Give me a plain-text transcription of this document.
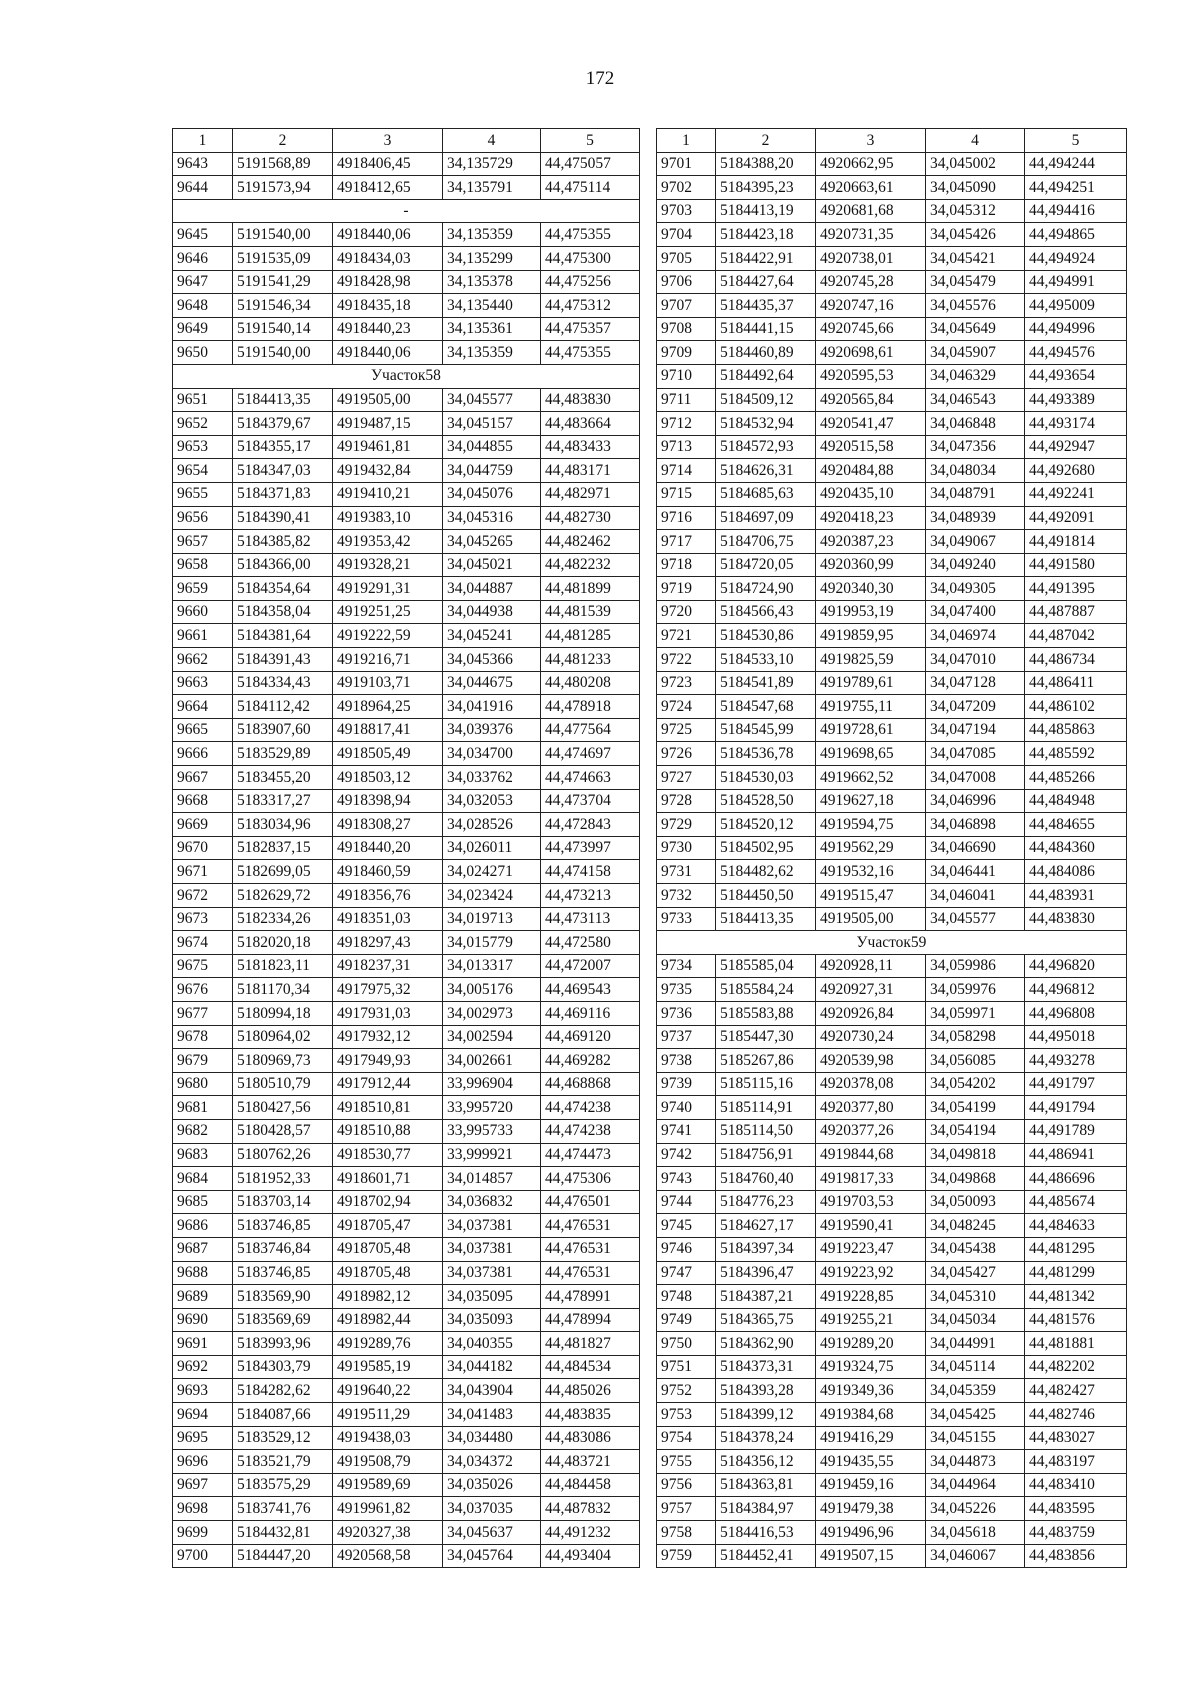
172
1	2	3	4	5
9643	5191568,89	4918406,45	34,135729	44,475057
9644	5191573,94	4918412,65	34,135791	44,475114
-				
9645	5191540,00	4918440,06	34,135359	44,475355
9646	5191535,09	4918434,03	34,135299	44,475300
9647	5191541,29	4918428,98	34,135378	44,475256
9648	5191546,34	4918435,18	34,135440	44,475312
9649	5191540,14	4918440,23	34,135361	44,475357
9650	5191540,00	4918440,06	34,135359	44,475355
Участок58				
9651	5184413,35	4919505,00	34,045577	44,483830
9652	5184379,67	4919487,15	34,045157	44,483664
9653	5184355,17	4919461,81	34,044855	44,483433
9654	5184347,03	4919432,84	34,044759	44,483171
9655	5184371,83	4919410,21	34,045076	44,482971
9656	5184390,41	4919383,10	34,045316	44,482730
9657	5184385,82	4919353,42	34,045265	44,482462
9658	5184366,00	4919328,21	34,045021	44,482232
9659	5184354,64	4919291,31	34,044887	44,481899
9660	5184358,04	4919251,25	34,044938	44,481539
9661	5184381,64	4919222,59	34,045241	44,481285
9662	5184391,43	4919216,71	34,045366	44,481233
9663	5184334,43	4919103,71	34,044675	44,480208
9664	5184112,42	4918964,25	34,041916	44,478918
9665	5183907,60	4918817,41	34,039376	44,477564
9666	5183529,89	4918505,49	34,034700	44,474697
9667	5183455,20	4918503,12	34,033762	44,474663
9668	5183317,27	4918398,94	34,032053	44,473704
9669	5183034,96	4918308,27	34,028526	44,472843
9670	5182837,15	4918440,20	34,026011	44,473997
9671	5182699,05	4918460,59	34,024271	44,474158
9672	5182629,72	4918356,76	34,023424	44,473213
9673	5182334,26	4918351,03	34,019713	44,473113
9674	5182020,18	4918297,43	34,015779	44,472580
9675	5181823,11	4918237,31	34,013317	44,472007
9676	5181170,34	4917975,32	34,005176	44,469543
9677	5180994,18	4917931,03	34,002973	44,469116
9678	5180964,02	4917932,12	34,002594	44,469120
9679	5180969,73	4917949,93	34,002661	44,469282
9680	5180510,79	4917912,44	33,996904	44,468868
9681	5180427,56	4918510,81	33,995720	44,474238
9682	5180428,57	4918510,88	33,995733	44,474238
9683	5180762,26	4918530,77	33,999921	44,474473
9684	5181952,33	4918601,71	34,014857	44,475306
9685	5183703,14	4918702,94	34,036832	44,476501
9686	5183746,85	4918705,47	34,037381	44,476531
9687	5183746,84	4918705,48	34,037381	44,476531
9688	5183746,85	4918705,48	34,037381	44,476531
9689	5183569,90	4918982,12	34,035095	44,478991
9690	5183569,69	4918982,44	34,035093	44,478994
9691	5183993,96	4919289,76	34,040355	44,481827
9692	5184303,79	4919585,19	34,044182	44,484534
9693	5184282,62	4919640,22	34,043904	44,485026
9694	5184087,66	4919511,29	34,041483	44,483835
9695	5183529,12	4919438,03	34,034480	44,483086
9696	5183521,79	4919508,79	34,034372	44,483721
9697	5183575,29	4919589,69	34,035026	44,484458
9698	5183741,76	4919961,82	34,037035	44,487832
9699	5184432,81	4920327,38	34,045637	44,491232
9700	5184447,20	4920568,58	34,045764	44,493404
1	2	3	4	5
9701	5184388,20	4920662,95	34,045002	44,494244
9702	5184395,23	4920663,61	34,045090	44,494251
9703	5184413,19	4920681,68	34,045312	44,494416
9704	5184423,18	4920731,35	34,045426	44,494865
9705	5184422,91	4920738,01	34,045421	44,494924
9706	5184427,64	4920745,28	34,045479	44,494991
9707	5184435,37	4920747,16	34,045576	44,495009
9708	5184441,15	4920745,66	34,045649	44,494996
9709	5184460,89	4920698,61	34,045907	44,494576
9710	5184492,64	4920595,53	34,046329	44,493654
9711	5184509,12	4920565,84	34,046543	44,493389
9712	5184532,94	4920541,47	34,046848	44,493174
9713	5184572,93	4920515,58	34,047356	44,492947
9714	5184626,31	4920484,88	34,048034	44,492680
9715	5184685,63	4920435,10	34,048791	44,492241
9716	5184697,09	4920418,23	34,048939	44,492091
9717	5184706,75	4920387,23	34,049067	44,491814
9718	5184720,05	4920360,99	34,049240	44,491580
9719	5184724,90	4920340,30	34,049305	44,491395
9720	5184566,43	4919953,19	34,047400	44,487887
9721	5184530,86	4919859,95	34,046974	44,487042
9722	5184533,10	4919825,59	34,047010	44,486734
9723	5184541,89	4919789,61	34,047128	44,486411
9724	5184547,68	4919755,11	34,047209	44,486102
9725	5184545,99	4919728,61	34,047194	44,485863
9726	5184536,78	4919698,65	34,047085	44,485592
9727	5184530,03	4919662,52	34,047008	44,485266
9728	5184528,50	4919627,18	34,046996	44,484948
9729	5184520,12	4919594,75	34,046898	44,484655
9730	5184502,95	4919562,29	34,046690	44,484360
9731	5184482,62	4919532,16	34,046441	44,484086
9732	5184450,50	4919515,47	34,046041	44,483931
9733	5184413,35	4919505,00	34,045577	44,483830
Участок59				
9734	5185585,04	4920928,11	34,059986	44,496820
9735	5185584,24	4920927,31	34,059976	44,496812
9736	5185583,88	4920926,84	34,059971	44,496808
9737	5185447,30	4920730,24	34,058298	44,495018
9738	5185267,86	4920539,98	34,056085	44,493278
9739	5185115,16	4920378,08	34,054202	44,491797
9740	5185114,91	4920377,80	34,054199	44,491794
9741	5185114,50	4920377,26	34,054194	44,491789
9742	5184756,91	4919844,68	34,049818	44,486941
9743	5184760,40	4919817,33	34,049868	44,486696
9744	5184776,23	4919703,53	34,050093	44,485674
9745	5184627,17	4919590,41	34,048245	44,484633
9746	5184397,34	4919223,47	34,045438	44,481295
9747	5184396,47	4919223,92	34,045427	44,481299
9748	5184387,21	4919228,85	34,045310	44,481342
9749	5184365,75	4919255,21	34,045034	44,481576
9750	5184362,90	4919289,20	34,044991	44,481881
9751	5184373,31	4919324,75	34,045114	44,482202
9752	5184393,28	4919349,36	34,045359	44,482427
9753	5184399,12	4919384,68	34,045425	44,482746
9754	5184378,24	4919416,29	34,045155	44,483027
9755	5184356,12	4919435,55	34,044873	44,483197
9756	5184363,81	4919459,16	34,044964	44,483410
9757	5184384,97	4919479,38	34,045226	44,483595
9758	5184416,53	4919496,96	34,045618	44,483759
9759	5184452,41	4919507,15	34,046067	44,483856
